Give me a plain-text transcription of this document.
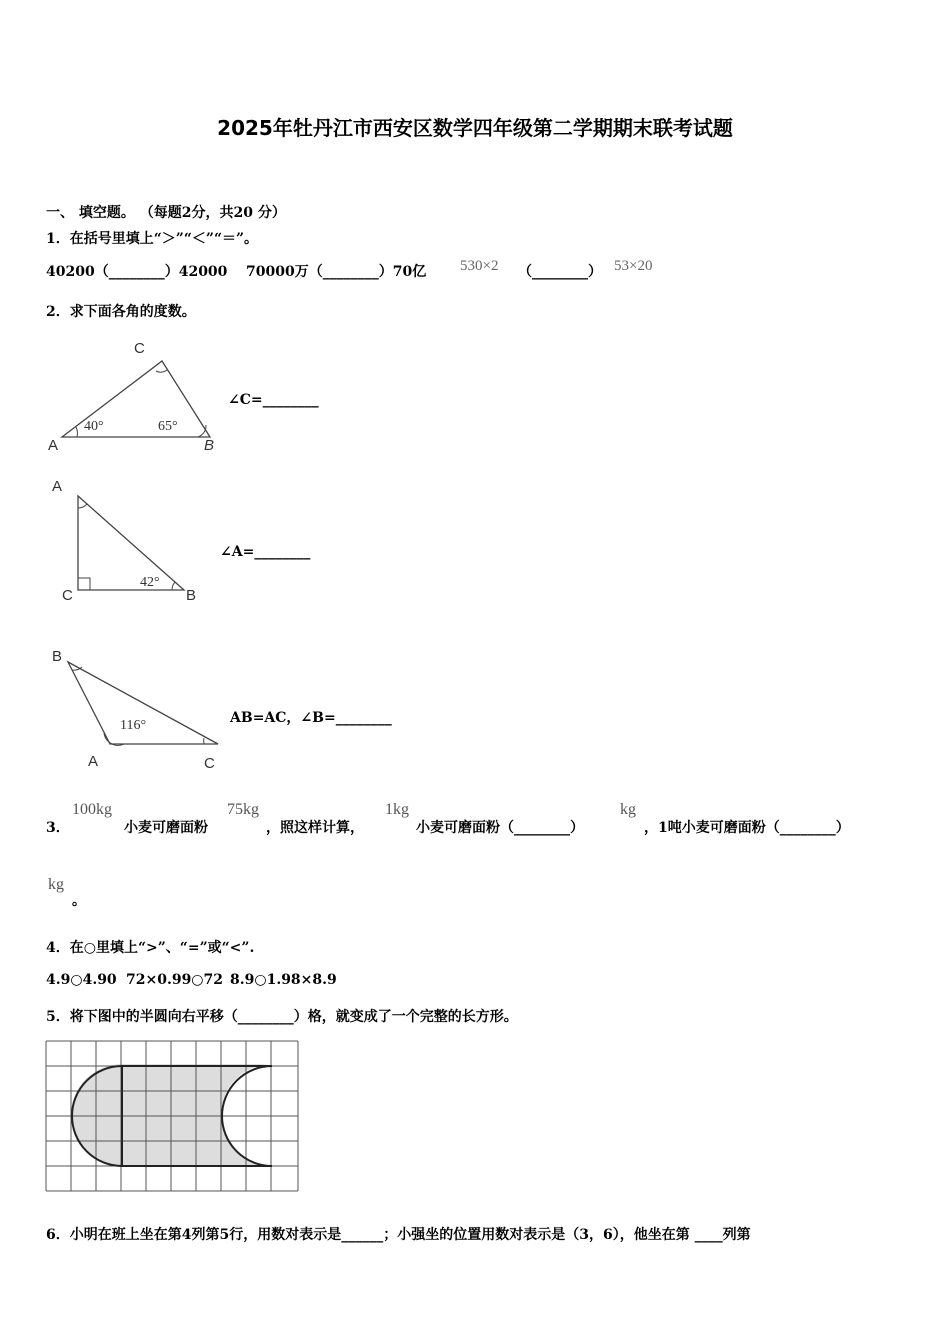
2025年牡丹江市西安区数学四年级第二学期期末联考试题
一、 填空题。 （每题2分，共20 分）
1．在括号里填上“＞”“＜”“＝”。
40200（________）42000 70000万（________）70亿 530×2 （________） 53×20
2．求下面各角的度数。
C
A	B
40°	65°
∠C=________
A
C	B
42°
∠A=________
B
A	C
116°	AB=AC，∠B=________
3．
100kg
小麦可磨面粉
75kg
，照这样计算，
1kg
小麦可磨面粉（________）
kg
，1吨小麦可磨面粉（________）
kg
。
4．在○里填上“>”、“=”或“<”.
4.9○4.90 72×0.99○72 8.9○1.98×8.9
5．将下图中的半圆向右平移（________）格，就变成了一个完整的长方形。
6．小明在班上坐在第4列第5行，用数对表示是______；小强坐的位置用数对表示是（3，6），他坐在第 ____列第
